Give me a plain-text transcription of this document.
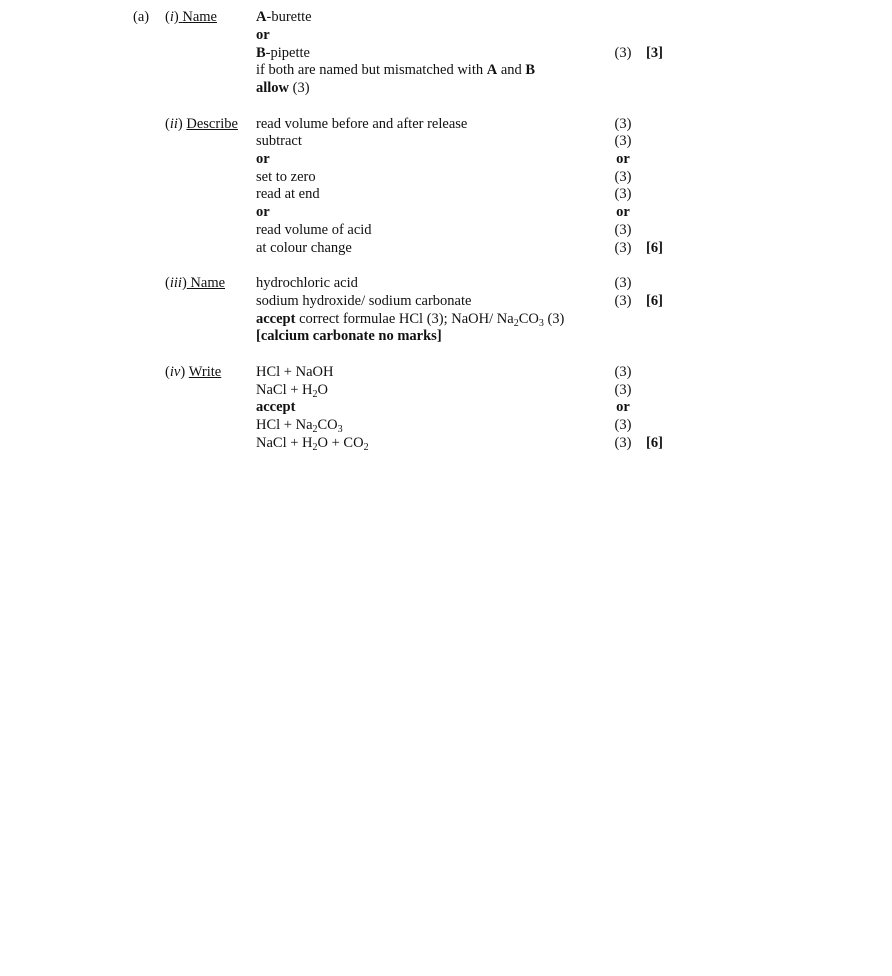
(a) (i) Name	A-burette
or
B-pipette
if both are named but mismatched with A and B
allow (3)
(3) [3]
(ii) Describe read volume before and after release
subtract
or
set to zero
read at end
or
read volume of acid
at colour change
(3)
(3)
or
(3)
(3)
or
(3)
(3) [6]
(iii) Name hydrochloric acid
sodium hydroxide/ sodium carbonate
accept correct formulae HCl (3); NaOH/ $Na_2CO_3$ (3)
[calcium carbonate no marks]
(3)
(3) [6]
(iv) Write HCl + NaOH
NaCl + $H_2O$
accept
HCl + $Na_2CO_3$
NaCl + $H_2O + CO_2$
(3)
(3)
or
(3)
(3) [6]
